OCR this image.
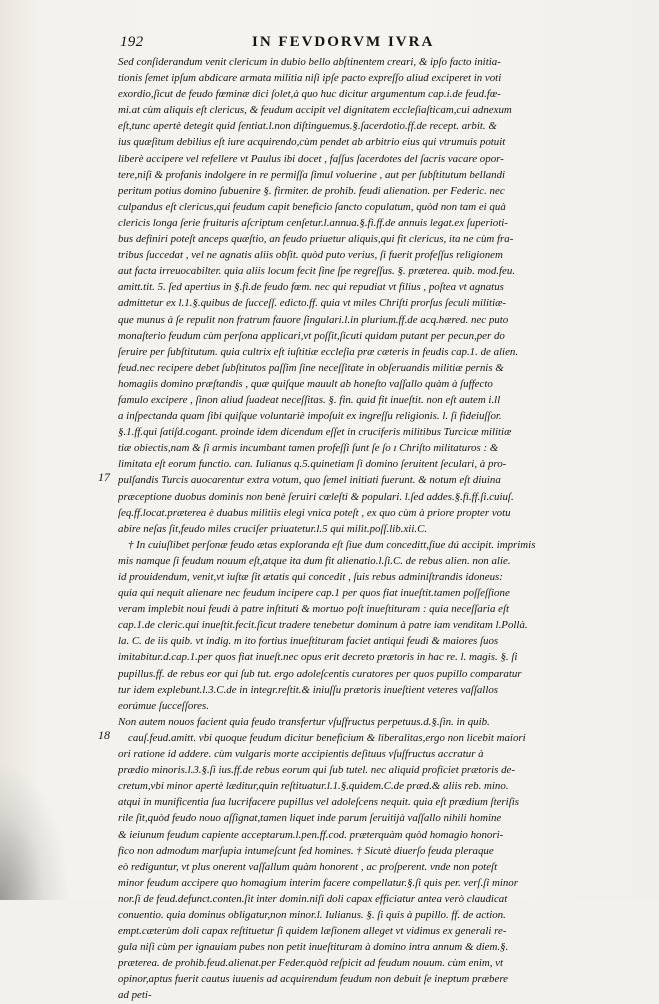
192	IN FEVDORVM IVRA
17
18
Sed conſiderandum venit clericum in dubio bello abſtinentem creari, & ipſo facto initia-
tionis ſemet ipſum abdicare armata militia niſi ipſe pacto expreſſo aliud exciperet in voti
exordio,ſicut de feudo fœminæ dici ſolet,à quo huc dicitur argumentum cap.i.de feud.fœ-
mi.at cùm aliquis eſt clericus, & feudum accipit vel dignitatem eccleſiaſticam,cui adnexum
eſt,tunc apertè detegit quid ſentiat.l.non diſtinguemus.§.ſacerdotio.ff.de recept. arbit. &
ius quæſitum debilius eſt iure acquirendo,cùm pendet ab arbitrio eius qui vtrumuis potuit
liberè accipere vel refellere vt Paulus ibi docet , faſſus ſacerdotes del ſacris vacare opor-
tere,niſi & profanis indolgere in re permiſſa ſimul voluerine , aut per ſubſtitutum bellandi
peritum potius domino ſubuenire §. firmiter. de prohib. feudi alienation. per Federic. nec
culpandus eſt clericus,qui feudum capit beneficio ſancto copulatum, quòd non tam ei quà
clericis longa ſerie fruituris aſcriptum cenſetur.l.annua.§.fi.ff.de annuis legat.ex ſuperioti-
bus definiri poteſt anceps quæſtio, an feudo priuetur aliquis,qui fit clericus, ita ne cùm fra-
tribus ſuccedat , vel ne agnatis aliis obſit. quòd puto verius, ſi fuerit profeſſus religionem
aut facta irreuocabilter. quia aliis locum fecit ſine ſpe regreſſus. §. præterea. quib. mod.feu.
amitt.tit. 5. ſed apertius in §.fi.de feudo fœm. nec qui repudiat vt filius , poſtea vt agnatus
admittetur ex l.1.§.quibus de ſucceſſ. edicto.ff. quia vt miles Chriſti prorſus ſeculi militiæ-
que munus à ſe repulit non fratrum fauore ſingulari.l.in plurium.ff.de acq.hæred. nec puto
monaſterio feudum cùm perſona applicari,vt poſſit,ſicuti quidam putant per pecun,per do
ſeruire per ſubſtitutum. quia cultrix eſt iuſtitiæ eccleſia præ cæteris in feudis cap.1. de alien.
feud.nec recipere debet ſubſtitutos paſſim ſine neceſſitate in obſeruandis militiæ pernis &
homagiis domino præſtandis , quæ quiſque mauult ab honeſto vaſſallo quàm à ſuffecto
famulo excipere , ſinon aliud ſuadeat neceſſitas. §. fin. quid fit inueſtit. non eſt autem i.ll
a inſpectanda quam ſibi quiſque voluntariè impoſuit ex ingreſſu religionis. l. ſi fideiuſſor.
§.1.ff.qui ſatiſd.cogant. proinde idem dicendum eſſet in cruciferis militibus Turcicæ militiæ
tiæ obiectis,nam & ſi armis incumbant tamen profeſſi ſunt ſe ſo ɪ Chriſto militaturos : &
limitata eſt eorum functio. can. Iulianus q.5.quinetiam ſi domino ſeruitent ſeculari, à pro-
pulſandis Turcis auocarentur extra votum, quo ſemel initiati fuerunt. & notum eſt diuina
præceptione duobus dominis non benè ſeruiri cœleſti & populari. l.ſed addes.§.fi.ff.ſi.cuiuſ.
ſeq.ff.locat.præterea è duabus militiis elegi vnica poteſt , ex quo cùm à priore propter votu
abire neſas ſit,feudo miles cruciſer priuatetur.l.5 qui milit.poſſ.lib.xii.C.
† In cuiuſlibet perſonæ feudo ætas exploranda eſt ſiue dum conceditt,ſiue dú accipit. imprimis
mis namque ſi feudum nouum eſt,atque ita dum fit alienatio.l.ſi.C. de rebus alien. non alie.
id prouidendum, venit,vt iuſtæ ſit ætatis qui concedit , ſuis rebus adminiſtrandis idoneus:
quia qui nequit alienare nec feudum incipere cap.1 per quos fiat inueſtit.tamen poſſeſſione
veram implebit noui feudi à patre inſtituti & mortuo poſt inueſtituram : quia neceſſaria eſt
cap.1.de cleric.qui inueſtit.fecit.ſicut tradere tenebetur dominum à patre iam venditam l.Pollà.
la. C. de iis quib. vt indig. m ito fortius inueſtituram faciet antiqui feudi & maiores ſuos
imitabitur.d.cap.1.per quos fiat inueſt.nec opus erit decreto prætoris in hac re. l. magis. §. ſi
pupillus.ff. de rebus eor qui ſub tut. ergo adoleſcentis curatores per quos pupillo comparatur
tur idem explebunt.l.3.C.de in integr.reſtit.& iniuſſu prætoris inueſtient veteres vaſſallos
eorúmue ſucceſſores.
Non autem nouos facient quia feudo transfertur vſuſfructus perpetuus.d.§.ſin. in quib.
cauſ.feud.amitt. vbi quoque feudum dicitur beneficium & liberalitas,ergo non licebit maiori
ori ratione id addere. cùm vulgaris morte accipientis deſituus vſuſfructus accratur à
prædio minoris.l.3.§.ſi ius.ff.de rebus eorum qui ſub tutel. nec aliquid proficiet prætoris de-
cretum,vbi minor apertè læditur,quin reſtituatur.l.1.§.quidem.C.de præd.& aliis reb. mino.
atqui in munificentia ſua lucrifacere pupillus vel adoleſcens nequit. quia eſt prædium ſteriſis
rile ſit,quòd feudo nouo aſſignat,tamen liquet inde parum ſeruitijà vaſſallo nihili homine
& ieiunum feudum capiente acceptarum.l.pen.ff.cod. præterquàm quòd homagio honori-
fico non admodum marſupia intumeſcunt ſed homines. † Sicutè diuerſo feuda pleraque
eò rediguntur, vt plus onerent vaſſallum quàm honorent , ac proſperent. vnde non poteſt
minor feudum accipere quo homagium interim facere compellatur.§.ſi quis per. verſ.ſi minor
nor.ſi de feud.defunct.conten.ſit inter domin.niſi doli capax efficiatur antea verò claudicat
conuentio. quia dominus obligatur,non minor.l. Iulianus. §. ſi quis à pupillo. ff. de action.
empt.cæterùm doli capax reſtituetur ſi quidem læſionem alleget vt vidimus ex generali re-
gula niſi cùm per ignauiam pubes non petit inueſtituram à domino intra annum & diem.§.
præterea. de prohib.feud.alienat.per Feder.quòd reſpicit ad feudum nouum. cùm enim, vt
opinor,aptus fuerit cautus iuuenis ad acquirendum feudum non debuit ſe ineptum præbere
ad peti-
